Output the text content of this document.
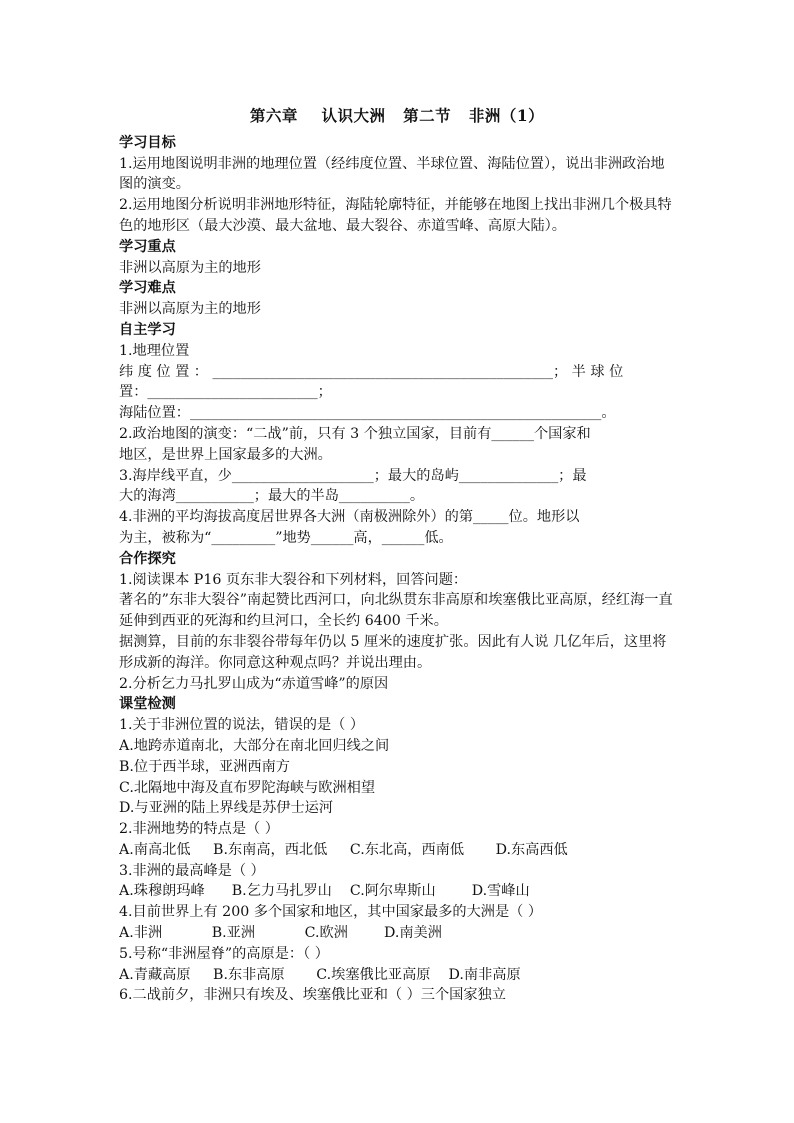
第六章    认识大洲   第二节   非洲（1）
学习目标
1.运用地图说明非洲的地理位置（经纬度位置、半球位置、海陆位置），说出非洲政治地图的演变。
2.运用地图分析说明非洲地形特征，海陆轮廓特征，并能够在地图上找出非洲几个极具特色的地形区（最大沙漠、最大盆地、最大裂谷、赤道雪峰、高原大陆）。
学习重点
非洲以高原为主的地形
学习难点
非洲以高原为主的地形
自主学习
1.地理位置
纬 度 位 置 ： ________________________________________________； 半 球 位
置：________________________；
海陆位置：__________________________________________________________。
2.政治地图的演变：“二战”前，只有 3 个独立国家，目前有______个国家和
地区，是世界上国家最多的大洲。
3.海岸线平直，少____________________；最大的岛屿______________；最
大的海湾___________；最大的半岛__________。
4.非洲的平均海拔高度居世界各大洲（南极洲除外）的第_____位。地形以
为主，被称为“_________”地势______高，______低。
合作探究
1.阅读课本 P16 页东非大裂谷和下列材料，回答问题：
著名的”东非大裂谷”南起赞比西河口，向北纵贯东非高原和埃塞俄比亚高原，经红海一直延伸到西亚的死海和约旦河口，全长约 6400 千米。
据测算，目前的东非裂谷带每年仍以 5 厘米的速度扩张。因此有人说 几亿年后，这里将形成新的海洋。你同意这种观点吗？并说出理由。
2.分析乞力马扎罗山成为“赤道雪峰”的原因
课堂检测
1.关于非洲位置的说法，错误的是（ ）
A.地跨赤道南北，大部分在南北回归线之间
B.位于西半球，亚洲西南方
C.北隔地中海及直布罗陀海峡与欧洲相望
D.与亚洲的陆上界线是苏伊士运河
2.非洲地势的特点是（ ）
A.南高北低     B.东南高，西北低     C.东北高，西南低       D.东高西低
3.非洲的最高峰是（ ）
A.珠穆朗玛峰      B.乞力马扎罗山    C.阿尔卑斯山        D.雪峰山
4.目前世界上有 200 多个国家和地区，其中国家最多的大洲是（ ）
A.非洲           B.亚洲           C.欧洲        D.南美洲
5.号称“非洲屋脊”的高原是：（ ）
A.青藏高原     B.东非高原       C.埃塞俄比亚高原    D.南非高原
6.二战前夕，非洲只有埃及、埃塞俄比亚和（ ）三个国家独立
